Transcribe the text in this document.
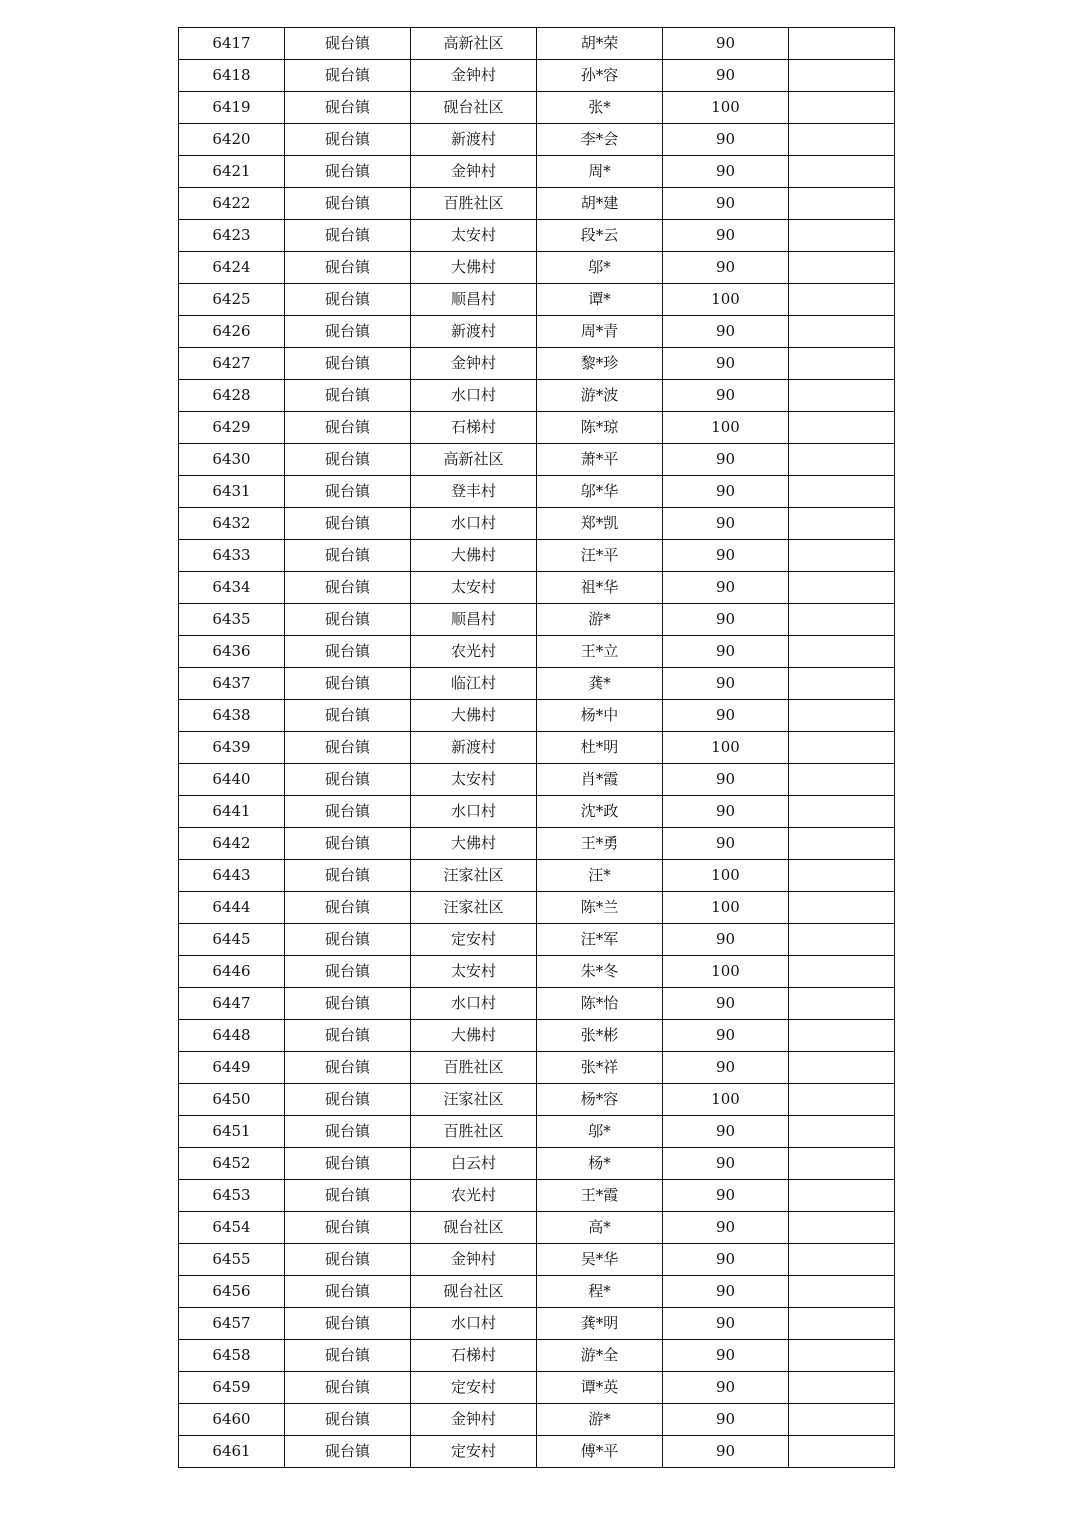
6417	砚台镇	高新社区	胡*荣	90	
6418	砚台镇	金钟村	孙*容	90	
6419	砚台镇	砚台社区	张*	100	
6420	砚台镇	新渡村	李*会	90	
6421	砚台镇	金钟村	周*	90	
6422	砚台镇	百胜社区	胡*建	90	
6423	砚台镇	太安村	段*云	90	
6424	砚台镇	大佛村	邬*	90	
6425	砚台镇	顺昌村	谭*	100	
6426	砚台镇	新渡村	周*青	90	
6427	砚台镇	金钟村	黎*珍	90	
6428	砚台镇	水口村	游*波	90	
6429	砚台镇	石梯村	陈*琼	100	
6430	砚台镇	高新社区	萧*平	90	
6431	砚台镇	登丰村	邬*华	90	
6432	砚台镇	水口村	郑*凯	90	
6433	砚台镇	大佛村	汪*平	90	
6434	砚台镇	太安村	祖*华	90	
6435	砚台镇	顺昌村	游*	90	
6436	砚台镇	农光村	王*立	90	
6437	砚台镇	临江村	龚*	90	
6438	砚台镇	大佛村	杨*中	90	
6439	砚台镇	新渡村	杜*明	100	
6440	砚台镇	太安村	肖*霞	90	
6441	砚台镇	水口村	沈*政	90	
6442	砚台镇	大佛村	王*勇	90	
6443	砚台镇	汪家社区	汪*	100	
6444	砚台镇	汪家社区	陈*兰	100	
6445	砚台镇	定安村	汪*军	90	
6446	砚台镇	太安村	朱*冬	100	
6447	砚台镇	水口村	陈*怡	90	
6448	砚台镇	大佛村	张*彬	90	
6449	砚台镇	百胜社区	张*祥	90	
6450	砚台镇	汪家社区	杨*容	100	
6451	砚台镇	百胜社区	邬*	90	
6452	砚台镇	白云村	杨*	90	
6453	砚台镇	农光村	王*霞	90	
6454	砚台镇	砚台社区	高*	90	
6455	砚台镇	金钟村	吴*华	90	
6456	砚台镇	砚台社区	程*	90	
6457	砚台镇	水口村	龚*明	90	
6458	砚台镇	石梯村	游*全	90	
6459	砚台镇	定安村	谭*英	90	
6460	砚台镇	金钟村	游*	90	
6461	砚台镇	定安村	傅*平	90	
